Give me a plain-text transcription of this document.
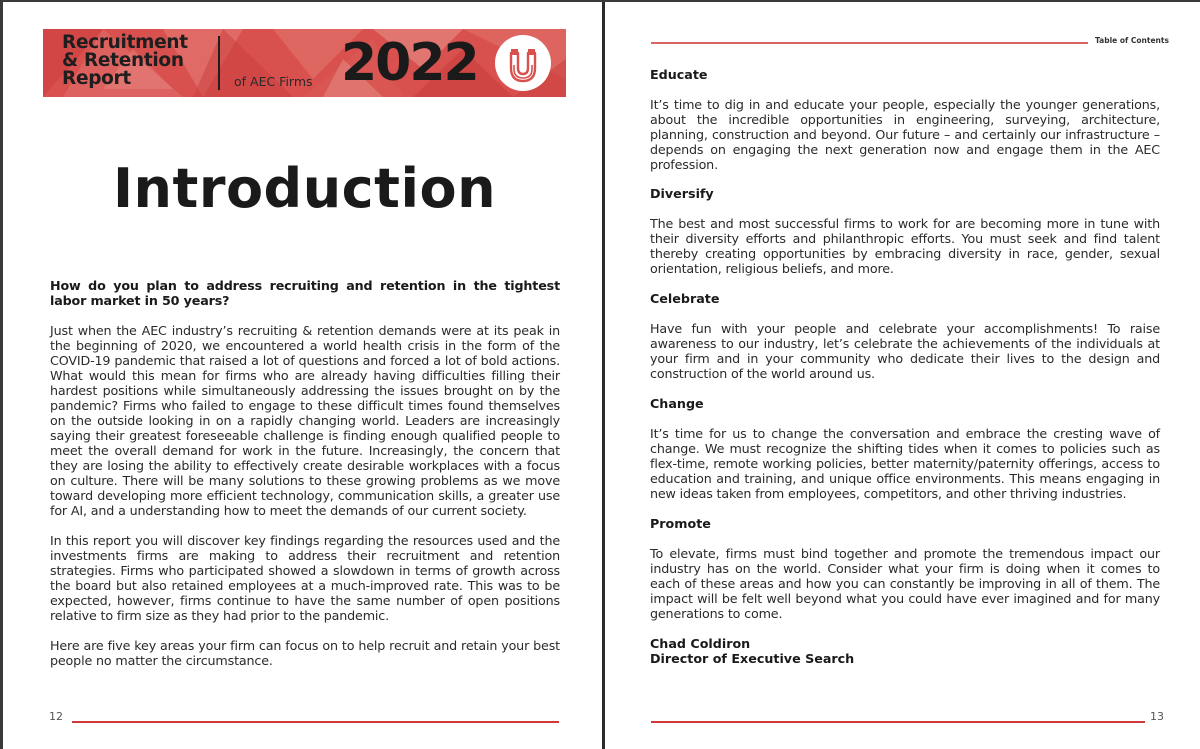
Recruitment
& Retention
Report	of AEC Firms 2022
Introduction
How do you plan to address recruiting and retention in the tightest labor market in 50 years?
Just when the AEC industry’s recruiting & retention demands were at its peak in the beginning of 2020, we encountered a world health crisis in the form of the COVID-19 pandemic that raised a lot of questions and forced a lot of bold actions. What would this mean for firms who are already having difficulties filling their hardest positions while simultaneously addressing the issues brought on by the pandemic? Firms who failed to engage to these difficult times found themselves on the outside looking in on a rapidly changing world. Leaders are increasingly saying their greatest foreseeable challenge is finding enough qualified people to meet the overall demand for work in the future. Increasingly, the concern that they are losing the ability to effectively create desirable workplaces with a focus on culture. There will be many solutions to these growing problems as we move toward developing more efficient technology, communication skills, a greater use for AI, and a understanding how to meet the demands of our current society.
In this report you will discover key findings regarding the resources used and the investments firms are making to address their recruitment and retention strategies. Firms who participated showed a slowdown in terms of growth across the board but also retained employees at a much-improved rate. This was to be expected, however, firms continue to have the same number of open positions relative to firm size as they had prior to the pandemic.
Here are five key areas your firm can focus on to help recruit and retain your best people no matter the circumstance.
12
Table of Contents
Educate
It’s time to dig in and educate your people, especially the younger generations, about the incredible opportunities in engineering, surveying, architecture, planning, construction and beyond. Our future – and certainly our infrastructure – depends on engaging the next generation now and engage them in the AEC profession.
Diversify
The best and most successful firms to work for are becoming more in tune with their diversity efforts and philanthropic efforts. You must seek and find talent thereby creating opportunities by embracing diversity in race, gender, sexual orientation, religious beliefs, and more.
Celebrate
Have fun with your people and celebrate your accomplishments! To raise awareness to our industry, let’s celebrate the achievements of the individuals at your firm and in your community who dedicate their lives to the design and construction of the world around us.
Change
It’s time for us to change the conversation and embrace the cresting wave of change. We must recognize the shifting tides when it comes to policies such as flex-time, remote working policies, better maternity/paternity offerings, access to education and training, and unique office environments. This means engaging in new ideas taken from employees, competitors, and other thriving industries.
Promote
To elevate, firms must bind together and promote the tremendous impact our industry has on the world. Consider what your firm is doing when it comes to each of these areas and how you can constantly be improving in all of them. The impact will be felt well beyond what you could have ever imagined and for many generations to come.
Chad Coldiron
Director of Executive Search
13
